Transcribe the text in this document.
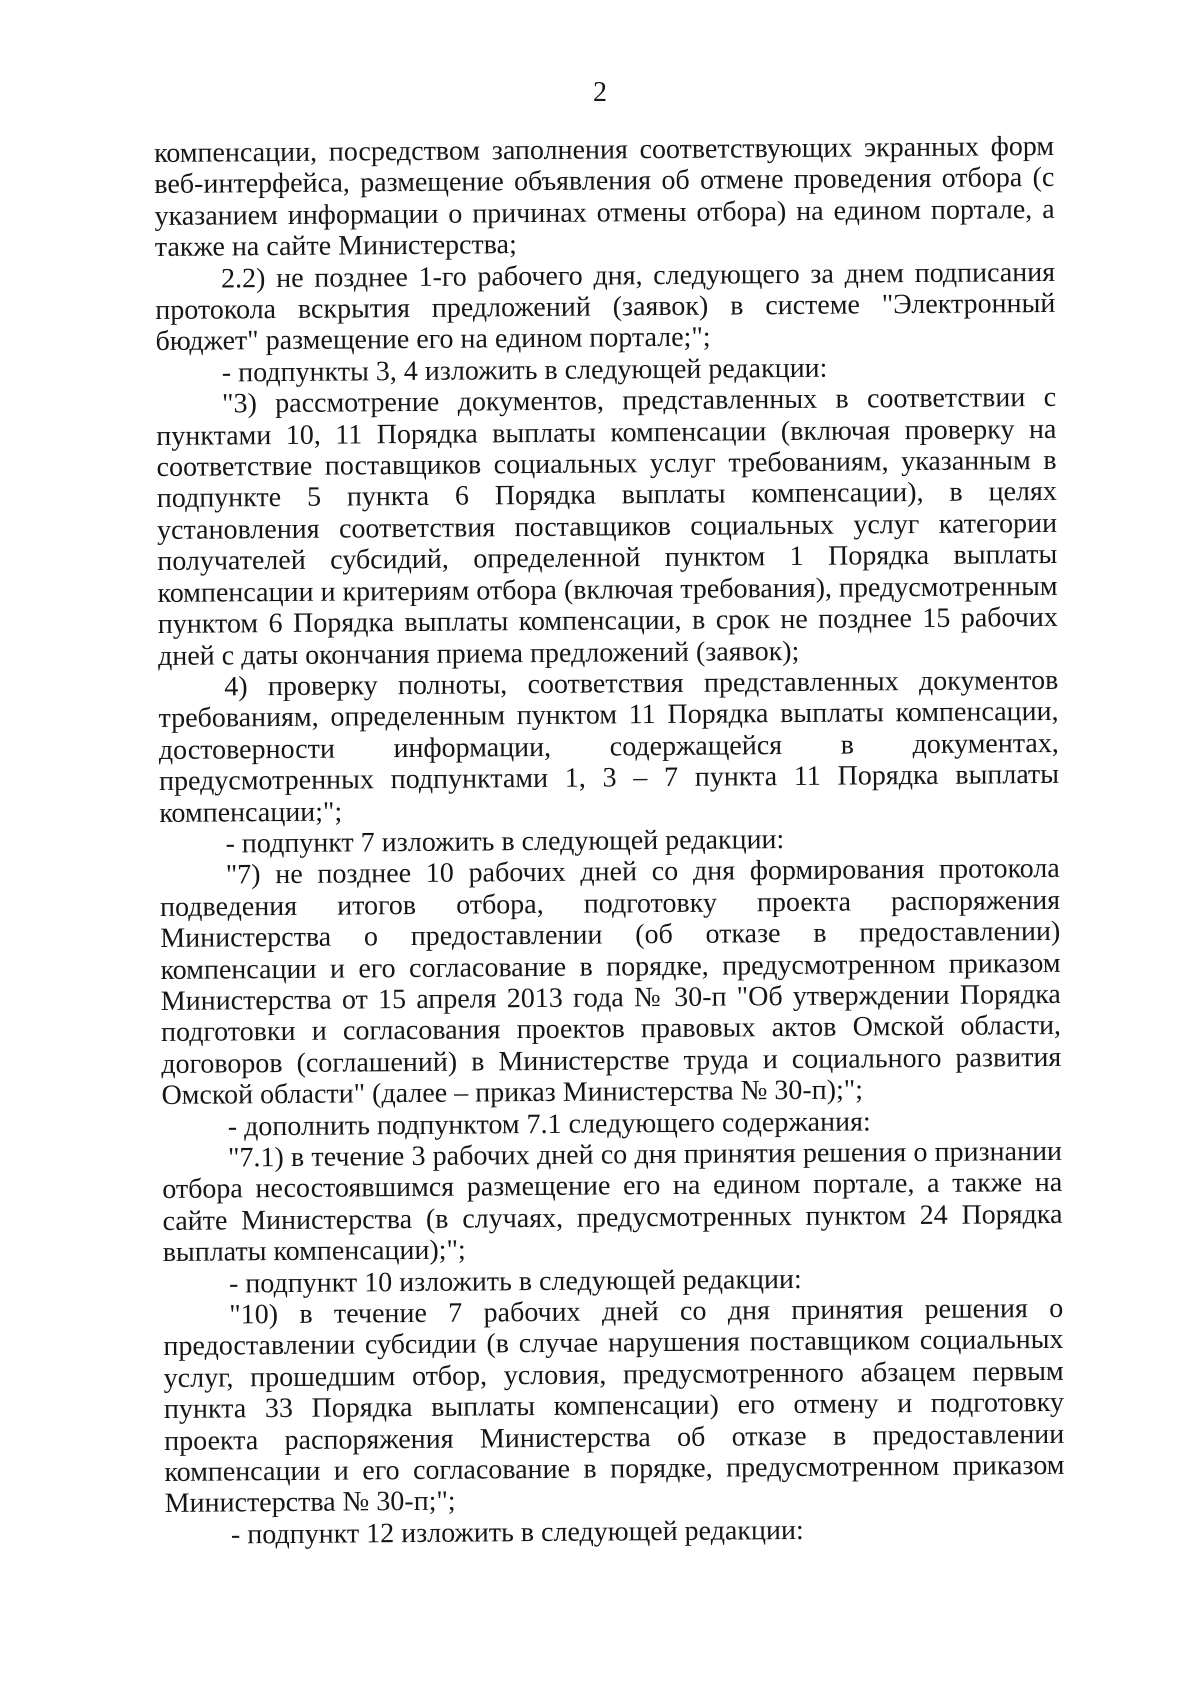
2

компенсации, посредством заполнения соответствующих экранных форм веб-интерфейса, размещение объявления об отмене проведения отбора (с указанием информации о причинах отмены отбора) на едином портале, а также на сайте Министерства;

2.2) не позднее 1-го рабочего дня, следующего за днем подписания протокола вскрытия предложений (заявок) в системе "Электронный бюджет" размещение его на едином портале;";

- подпункты 3, 4 изложить в следующей редакции:

"3) рассмотрение документов, представленных в соответствии с пунктами 10, 11 Порядка выплаты компенсации (включая проверку на соответствие поставщиков социальных услуг требованиям, указанным в подпункте 5 пункта 6 Порядка выплаты компенсации), в целях установления соответствия поставщиков социальных услуг категории получателей субсидий, определенной пунктом 1 Порядка выплаты компенсации и критериям отбора (включая требования), предусмотренным пунктом 6 Порядка выплаты компенсации, в срок не позднее 15 рабочих дней с даты окончания приема предложений (заявок);

4) проверку полноты, соответствия представленных документов требованиям, определенным пунктом 11 Порядка выплаты компенсации, достоверности информации, содержащейся в документах, предусмотренных подпунктами 1, 3 – 7 пункта 11 Порядка выплаты компенсации;";

- подпункт 7 изложить в следующей редакции:

"7) не позднее 10 рабочих дней со дня формирования протокола подведения итогов отбора, подготовку проекта распоряжения Министерства о предоставлении (об отказе в предоставлении) компенсации и его согласование в порядке, предусмотренном приказом Министерства от 15 апреля 2013 года № 30-п "Об утверждении Порядка подготовки и согласования проектов правовых актов Омской области, договоров (соглашений) в Министерстве труда и социального развития Омской области" (далее – приказ Министерства № 30-п);";

- дополнить подпунктом 7.1 следующего содержания:

"7.1) в течение 3 рабочих дней со дня принятия решения о признании отбора несостоявшимся размещение его на едином портале, а также на сайте Министерства (в случаях, предусмотренных пунктом 24 Порядка выплаты компенсации);";

- подпункт 10 изложить в следующей редакции:

"10) в течение 7 рабочих дней со дня принятия решения о предоставлении субсидии (в случае нарушения поставщиком социальных услуг, прошедшим отбор, условия, предусмотренного абзацем первым пункта 33 Порядка выплаты компенсации) его отмену и подготовку проекта распоряжения Министерства об отказе в предоставлении компенсации и его согласование в порядке, предусмотренном приказом Министерства № 30-п;";

- подпункт 12 изложить в следующей редакции:
